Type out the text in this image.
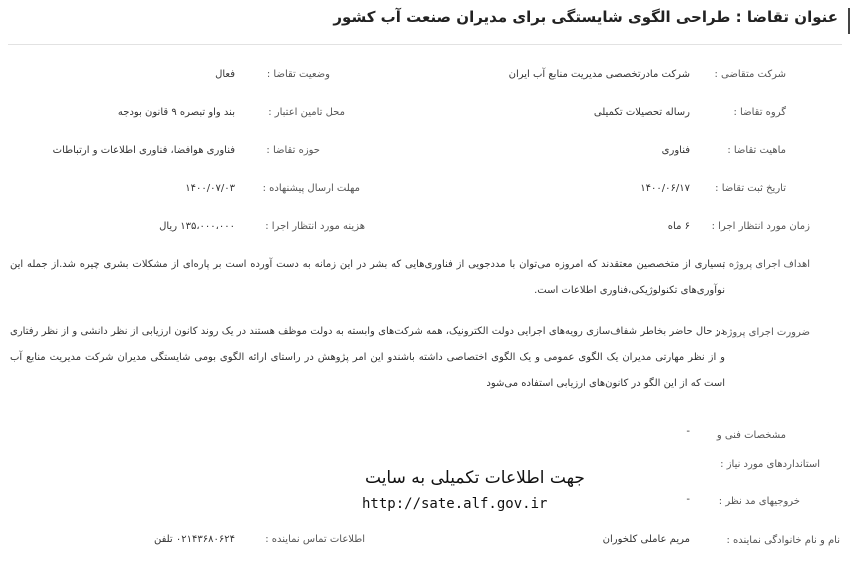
عنوان تقاضا : طراحی الگوی شایستگی برای مدیران صنعت آب کشور
شرکت متقاضی :
شرکت مادرتخصصی مدیریت منابع آب ایران
وضعیت تقاضا :
فعال
گروه تقاضا :
رساله تحصیلات تکمیلی
محل تامین اعتبار :
بند واو تبصره ۹ قانون بودجه
ماهیت تقاضا :
فناوری
حوزه تقاضا :
فناوری هوافضا، فناوری اطلاعات و ارتباطات
تاریخ ثبت تقاضا :
۱۴۰۰/۰۶/۱۷
مهلت ارسال پیشنهاده :
۱۴۰۰/۰۷/۰۳
زمان مورد انتظار اجرا :
۶ ماه
هزینه مورد انتظار اجرا :
۱۳۵،۰۰۰،۰۰۰ ریال
اهداف اجرای پروژه :
بسیاری از متخصصین معتقدند که امروزه می‌توان با مددجویی از فناوری‌هایی که بشر در این زمانه به دست آورده است بر پاره‌ای از مشکلات بشری چیره شد.از جمله این نوآوری‌های تکنولوژیکی،فناوری اطلاعات است.
ضرورت اجرای پروژه :
در حال حاضر بخاطر شفاف‌سازی رویه‌های اجرایی دولت الکترونیک، همه شرکت‌های وابسته به دولت موظف هستند در یک روند کانون ارزیابی از نظر دانشی و از نظر رفتاری و از نظر مهارتی مدیران یک الگوی عمومی و یک الگوی اختصاصی داشته باشندو این امر پژوهش در راستای ارائه الگوی بومی شایستگی مدیران شرکت مدیریت منابع آب است که از این الگو در کانون‌های ارزیابی استفاده می‌شود
مشخصات فنی و
استانداردهای مورد نیاز :
-
خروجیهای مد نظر :
-
نام و نام خانوادگی نماینده :
مریم عاملی کلخوران
اطلاعات تماس نماینده :
۰۲۱۴۳۶۸۰۶۲۴ تلفن
جهت اطلاعات تکمیلی به سایت
http://sate.alf.gov.ir
